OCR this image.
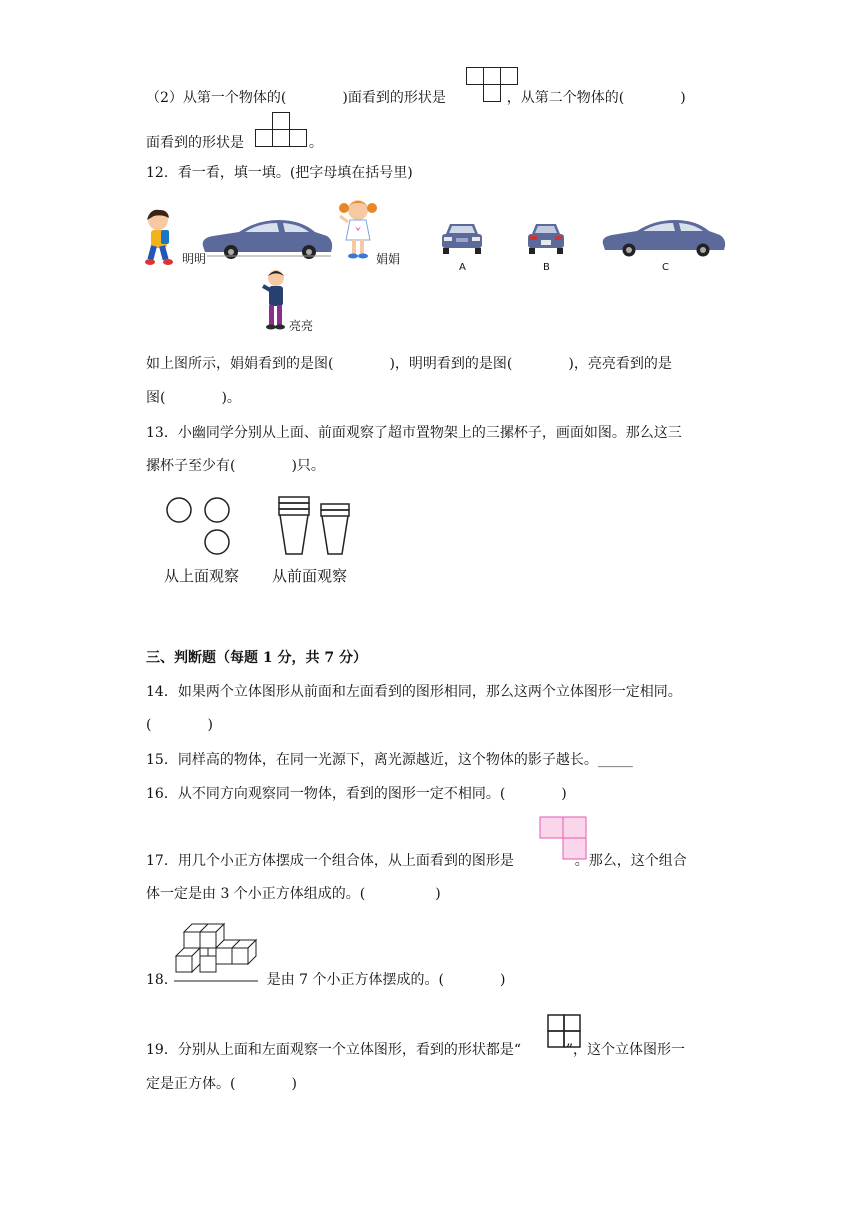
（2）从第一个物体的(　　　　)面看到的形状是	，从第二个物体的(　　　　)
面看到的形状是	。
12．看一看，填一填。(把字母填在括号里)
明明	娟娟
A	B	C
亮亮
如上图所示，娟娟看到的是图(　　　　)，明明看到的是图(　　　　)，亮亮看到的是
图(　　　　)。
13．小幽同学分别从上面、前面观察了超市置物架上的三摞杯子，画面如图。那么这三
摞杯子至少有(　　　　)只。
从上面观察 从前面观察
三、判断题（每题 1 分，共 7 分）
14．如果两个立体图形从前面和左面看到的图形相同，那么这两个立体图形一定相同。
(　　　　)
15．同样高的物体，在同一光源下，离光源越近，这个物体的影子越长。_____
16．从不同方向观察同一物体，看到的图形一定不相同。(　　　　)
17．用几个小正方体摆成一个组合体，从上面看到的图形是	。那么，这个组合
体一定是由 3 个小正方体组成的。(　　　　　)
18．	是由 7 个小正方体摆成的。(　　　　)
19．分别从上面和左面观察一个立体图形，看到的形状都是“	”，这个立体图形一
定是正方体。(　　　　)
